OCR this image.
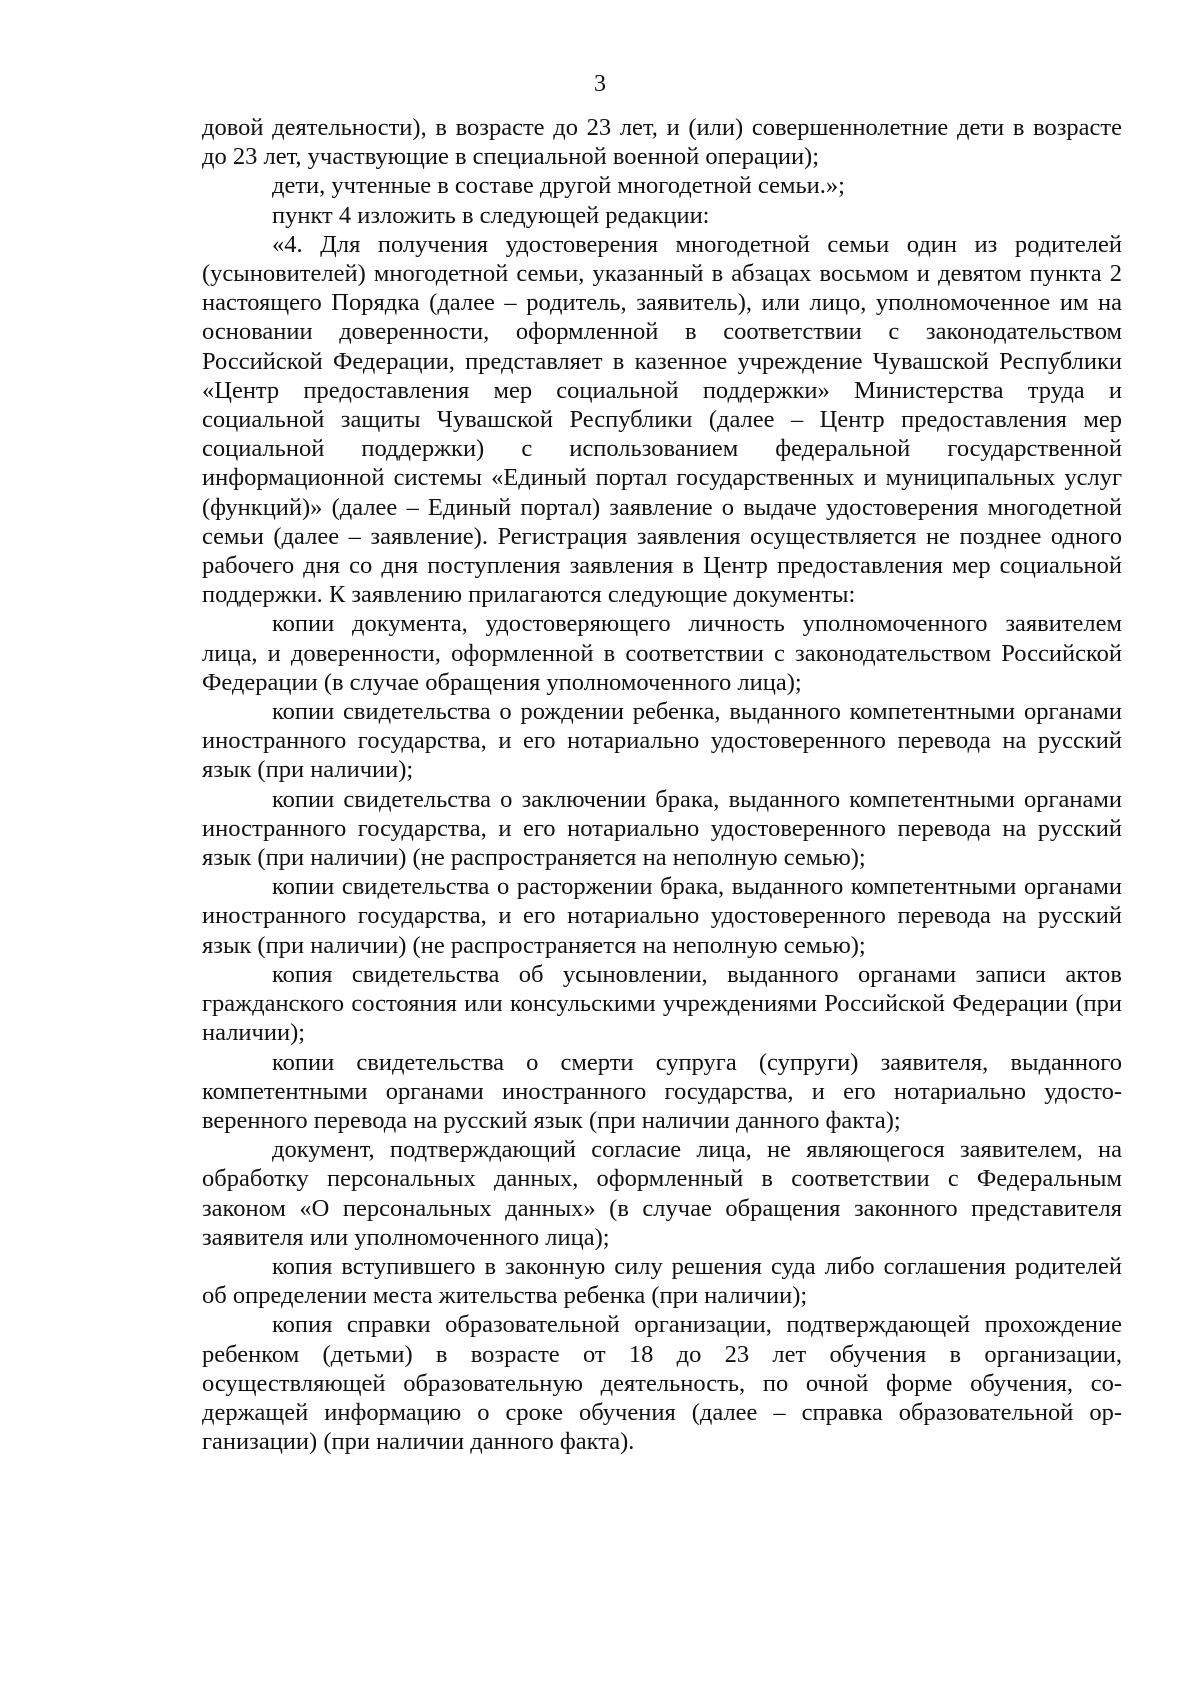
3

довой деятельности), в возрасте до 23 лет, и (или) совершеннолетние дети в возрасте до 23 лет, участвующие в специальной военной операции);

дети, учтенные в составе другой многодетной семьи.»;

пункт 4 изложить в следующей редакции:

«4. Для получения удостоверения многодетной семьи один из родителей (усыновителей) многодетной семьи, указанный в абзацах восьмом и девятом пункта 2 настоящего Порядка (далее – родитель, заявитель), или лицо, уполномоченное им на основании доверенности, оформленной в соответствии с законодательством Российской Федерации, представляет в казенное учреждение Чувашской Республики «Центр предоставления мер социальной поддержки» Министерства труда и социальной защиты Чувашской Республики (далее – Центр предоставления мер социальной поддержки) с использованием федеральной государственной информационной системы «Единый портал государственных и муниципальных услуг (функций)» (далее – Единый портал) заявление о выдаче удостоверения многодетной семьи (далее – заявление). Регистрация заявления осуществляется не позднее одного рабочего дня со дня поступления заявления в Центр предоставления мер социальной поддержки. К заявлению прилагаются следующие документы:

копии документа, удостоверяющего личность уполномоченного заявителем лица, и доверенности, оформленной в соответствии с законодательством Российской Федерации (в случае обращения уполномоченного лица);

копии свидетельства о рождении ребенка, выданного компетентными органами иностранного государства, и его нотариально удостоверенного перевода на русский язык (при наличии);

копии свидетельства о заключении брака, выданного компетентными органами иностранного государства, и его нотариально удостоверенного перевода на русский язык (при наличии) (не распространяется на неполную семью);

копии свидетельства о расторжении брака, выданного компетентными органами иностранного государства, и его нотариально удостоверенного перевода на русский язык (при наличии) (не распространяется на неполную семью);

копия свидетельства об усыновлении, выданного органами записи актов гражданского состояния или консульскими учреждениями Российской Федерации (при наличии);

копии свидетельства о смерти супруга (супруги) заявителя, выданного компетентными органами иностранного государства, и его нотариально удостоверенного перевода на русский язык (при наличии данного факта);

документ, подтверждающий согласие лица, не являющегося заявителем, на обработку персональных данных, оформленный в соответствии с Федеральным законом «О персональных данных» (в случае обращения законного представителя заявителя или уполномоченного лица);

копия вступившего в законную силу решения суда либо соглашения родителей об определении места жительства ребенка (при наличии);

копия справки образовательной организации, подтверждающей прохождение ребенком (детьми) в возрасте от 18 до 23 лет обучения в организации, осуществляющей образовательную деятельность, по очной форме обучения, содержащей информацию о сроке обучения (далее – справка образовательной организации) (при наличии данного факта).
